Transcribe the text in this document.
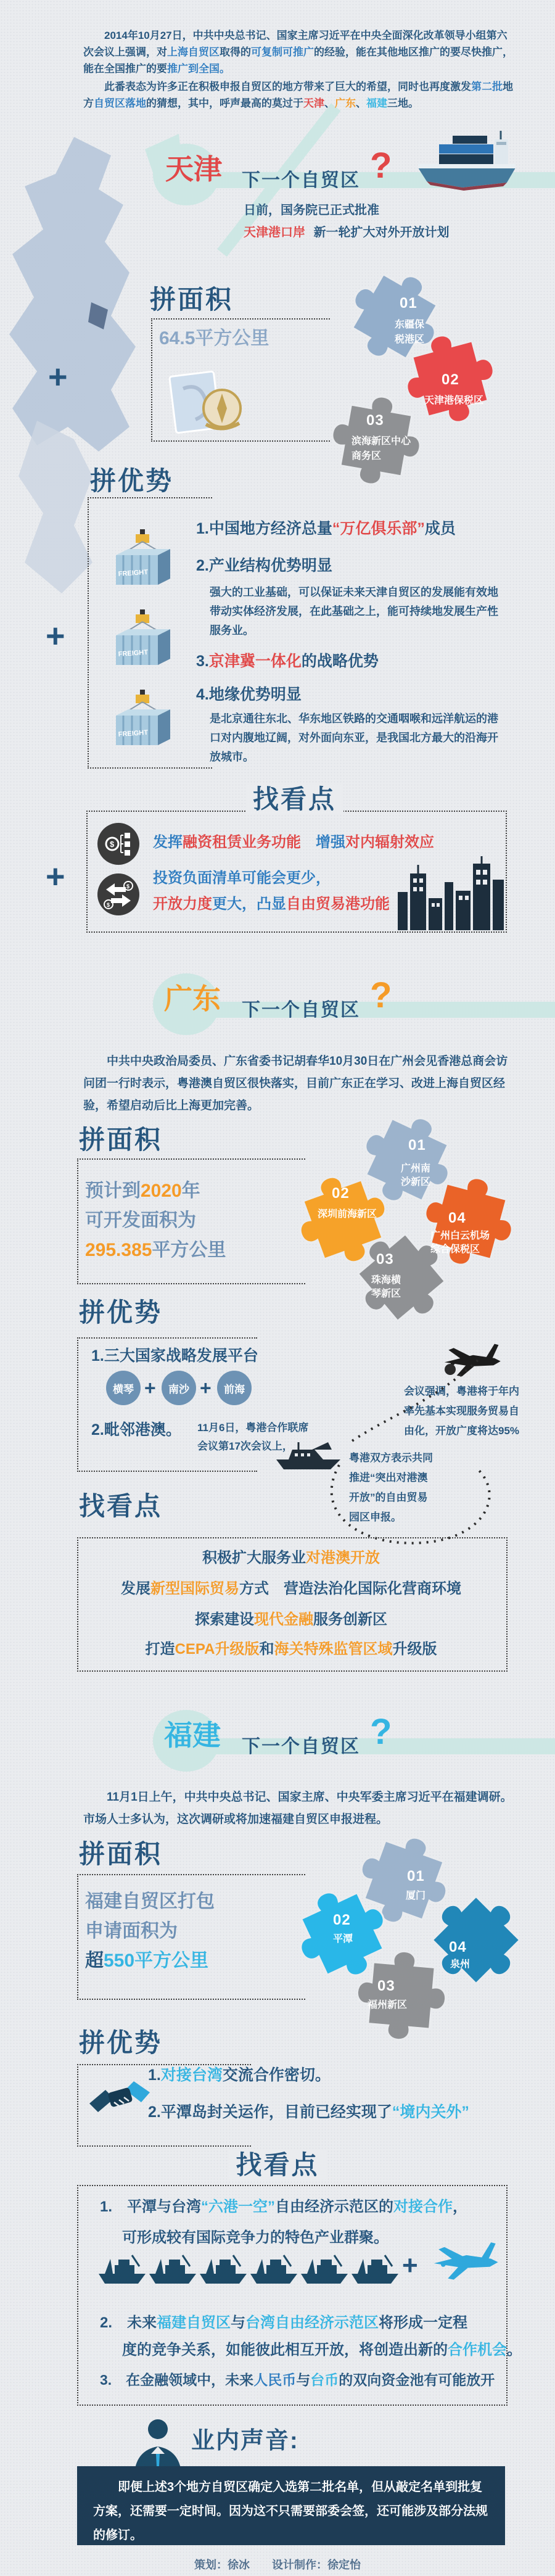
2014年10月27日，中共中央总书记、国家主席习近平在中央全面深化改革领导小组第六次会议上强调，对上海自贸区取得的可复制可推广的经验，能在其他地区推广的要尽快推广，能在全国推广的要推广到全国。
此番表态为许多正在积极申报自贸区的地方带来了巨大的希望，同时也再度激发第二批地方自贸区落地的猜想，其中，呼声最高的莫过于天津、广东、福建三地。
天津 下一个自贸区 ?
日前，国务院已正式批准
天津港口岸 新一轮扩大对外开放计划
拼面积
64.5平方公里
+
01
东疆保
税港区
02
天津港保税区
03
滨海新区中心
商务区
拼优势
FREIGHT
FREIGHT
FREIGHT
+
1.中国地方经济总量“万亿俱乐部”成员
2.产业结构优势明显
强大的工业基础，可以保证未来天津自贸区的发展能有效地
带动实体经济发展，在此基础之上，能可持续地发展生产性
服务业。
3.京津冀一体化的战略优势
4.地缘优势明显
是北京通往东北、华东地区铁路的交通咽喉和远洋航运的港
口对内腹地辽阔，对外面向东亚，是我国北方最大的沿海开
放城市。
找看点
$	发挥融资租赁业务功能　增强对内辐射效应
$
$
投资负面清单可能会更少，
开放力度更大，凸显自由贸易港功能
+
广东 下一个自贸区 ?
　　中共中央政治局委员、广东省委书记胡春华10月30日在广州会见香港总商会访问团一行时表示，粤港澳自贸区很快落实，目前广东正在学习、改进上海自贸区经验，希望启动后比上海更加完善。
拼面积
预计到2020年
可开发面积为
295.385平方公里
01
广州南
沙新区
02
深圳前海新区	04
广州白云机场
综合保税区
03
珠海横
琴新区
拼优势
1.三大国家战略发展平台
横琴 + 南沙 + 前海
2.毗邻港澳。 11月6日，粤港合作联席
会议第17次会议上，
粤港双方表示共同
推进“突出对港澳
开放”的自由贸易
园区申报。
会议强调，粤港将于年内
率先基本实现服务贸易自
由化，开放广度将达95%
找看点
积极扩大服务业对港澳开放
发展新型国际贸易方式　营造法治化国际化营商环境
探索建设现代金融服务创新区
打造CEPA升级版和海关特殊监管区域升级版
福建 下一个自贸区 ?
　　11月1日上午，中共中央总书记、国家主席、中央军委主席习近平在福建调研。市场人士多认为，这次调研或将加速福建自贸区申报进程。
拼面积
福建自贸区打包
申请面积为
超550平方公里
01
厦门
02
平潭	04
泉州
03
福州新区
拼优势
1.对接台湾交流合作密切。
2.平潭岛封关运作，目前已经实现了“境内关外”
找看点
1.　平潭与台湾“六港一空”自由经济示范区的对接合作，
可形成较有国际竞争力的特色产业群聚。
+
2.　未来福建自贸区与台湾自由经济示范区将形成一定程
度的竞争关系，如能彼此相互开放，将创造出新的合作机会。
3.　在金融领域中，未来人民币与台币的双向资金池有可能放开
业内声音:
　　即便上述3个地方自贸区确定入选第二批名单，但从敲定名单到批复方案，还需要一定时间。因为这不只需要部委会签，还可能涉及部分法规的修订。
策划：徐冰　　设计制作：徐定怡
